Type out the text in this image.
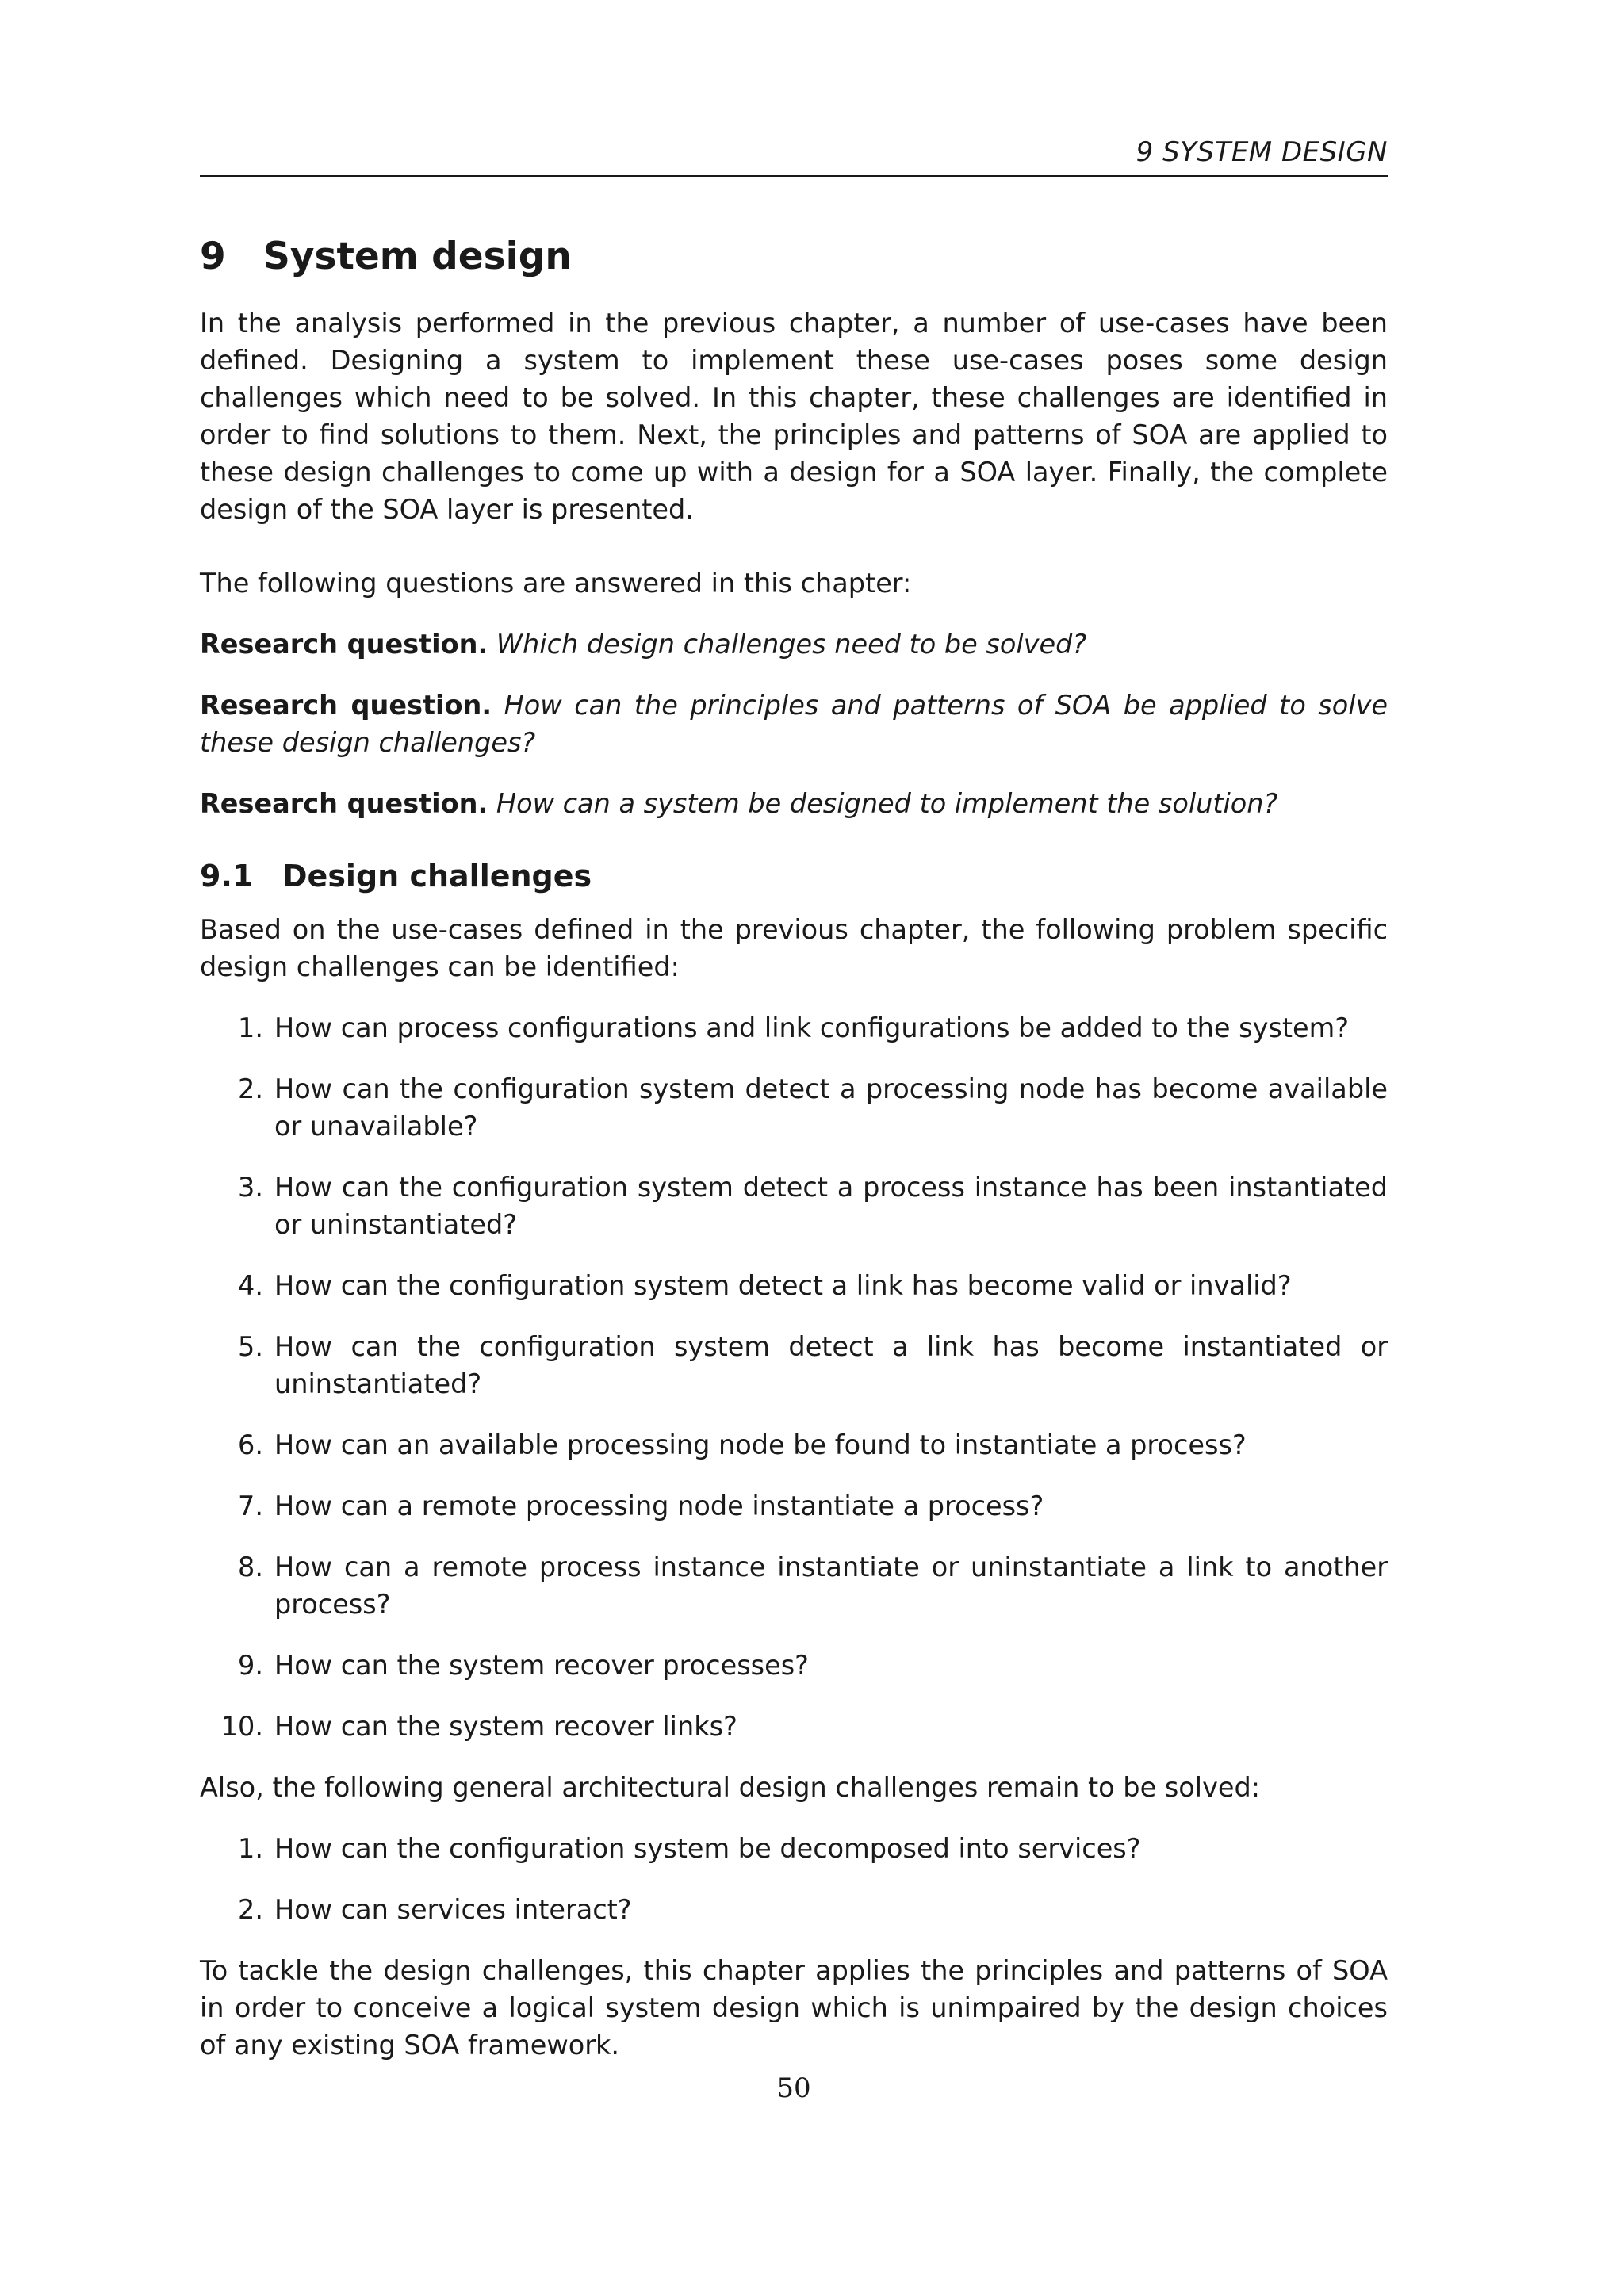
9 SYSTEM DESIGN
9 System design

In the analysis performed in the previous chapter, a number of use-cases have been defined. Designing a system to implement these use-cases poses some design challenges which need to be solved. In this chapter, these challenges are identified in order to find solutions to them. Next, the principles and patterns of SOA are applied to these design challenges to come up with a design for a SOA layer. Finally, the complete design of the SOA layer is presented.

The following questions are answered in this chapter:

Research question. Which design challenges need to be solved?

Research question. How can the principles and patterns of SOA be applied to solve these design challenges?

Research question. How can a system be designed to implement the solution?

9.1 Design challenges

Based on the use-cases defined in the previous chapter, the following problem specific design challenges can be identified:

1. How can process configurations and link configurations be added to the system?
2. How can the configuration system detect a processing node has become available or unavailable?
3. How can the configuration system detect a process instance has been instantiated or uninstantiated?
4. How can the configuration system detect a link has become valid or invalid?
5. How can the configuration system detect a link has become instantiated or uninstantiated?
6. How can an available processing node be found to instantiate a process?
7. How can a remote processing node instantiate a process?
8. How can a remote process instance instantiate or uninstantiate a link to another process?
9. How can the system recover processes?
10. How can the system recover links?

Also, the following general architectural design challenges remain to be solved:

1. How can the configuration system be decomposed into services?
2. How can services interact?

To tackle the design challenges, this chapter applies the principles and patterns of SOA in order to conceive a logical system design which is unimpaired by the design choices of any existing SOA framework.

50
